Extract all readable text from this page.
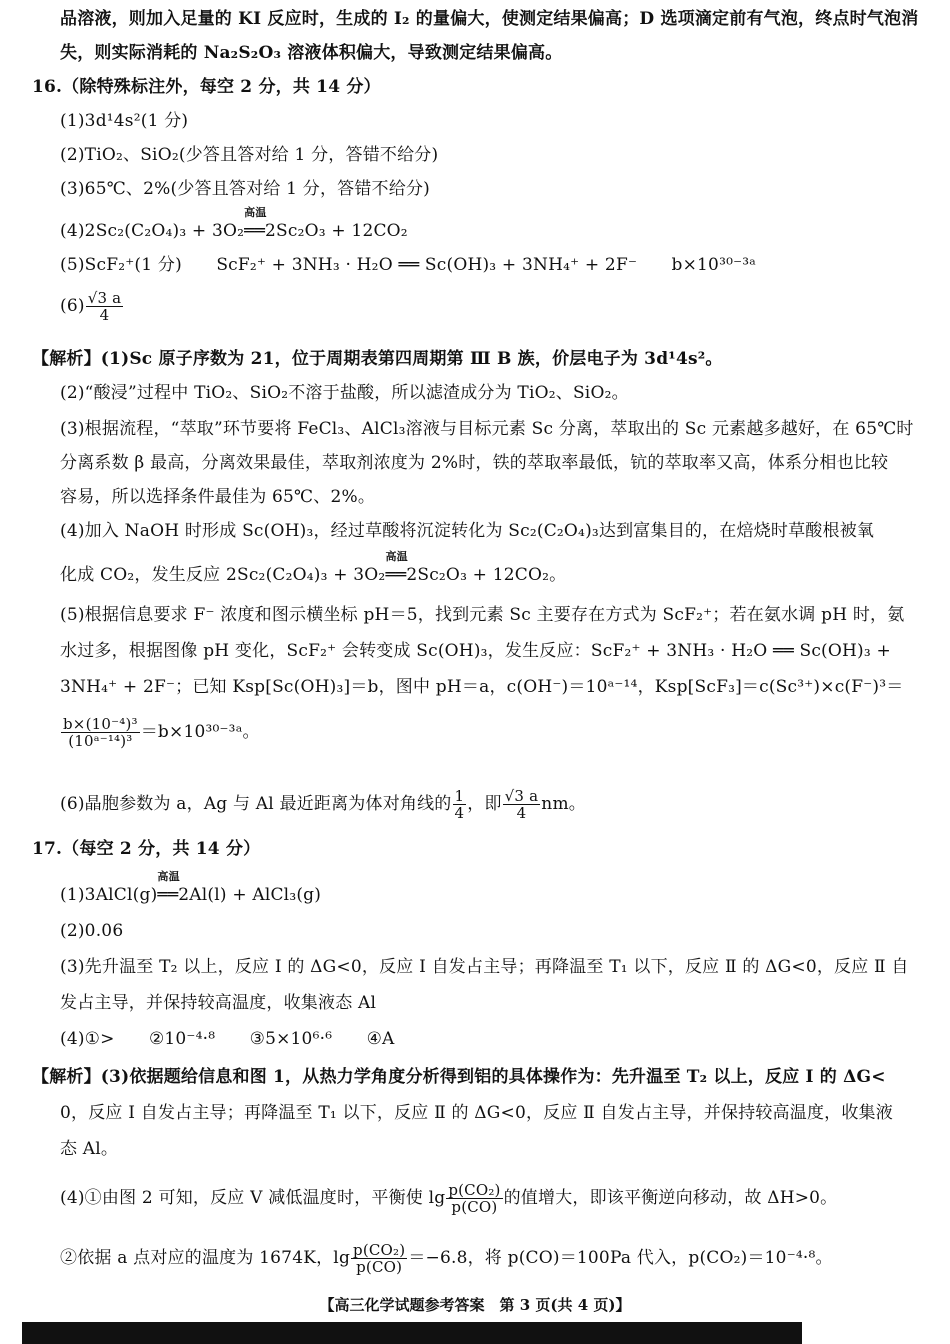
品溶液，则加入足量的 KI 反应时，生成的 I₂ 的量偏大，使测定结果偏高；D 选项滴定前有气泡，终点时气泡消
失，则实际消耗的 Na₂S₂O₃ 溶液体积偏大，导致测定结果偏高。
16.（除特殊标注外，每空 2 分，共 14 分）
(1)3d¹4s²(1 分)
(2)TiO₂、SiO₂(少答且答对给 1 分，答错不给分)
(3)65℃、2%(少答且答对给 1 分，答错不给分)
(4)2Sc₂(C₂O₄)₃ + 3O₂
高温
══2Sc₂O₃ + 12CO₂
(5)ScF₂⁺(1 分)　　ScF₂⁺ + 3NH₃ · H₂O ══ Sc(OH)₃ + 3NH₄⁺ + 2F⁻　　b×10³⁰⁻³ᵃ
$(6) \frac{√3 a}{4}$
【解析】(1)Sc 原子序数为 21，位于周期表第四周期第 Ⅲ B 族，价层电子为 3d¹4s²。
(2)“酸浸”过程中 TiO₂、SiO₂不溶于盐酸，所以滤渣成分为 TiO₂、SiO₂。
(3)根据流程，“萃取”环节要将 FeCl₃、AlCl₃溶液与目标元素 Sc 分离，萃取出的 Sc 元素越多越好，在 65℃时
分离系数 β 最高，分离效果最佳，萃取剂浓度为 2%时，铁的萃取率最低，钪的萃取率又高，体系分相也比较
容易，所以选择条件最佳为 65℃、2%。
(4)加入 NaOH 时形成 Sc(OH)₃，经过草酸将沉淀转化为 Sc₂(C₂O₄)₃达到富集目的，在焙烧时草酸根被氧
化成 CO₂，发生反应 2Sc₂(C₂O₄)₃ + 3O₂
高温
══2Sc₂O₃ + 12CO₂。
(5)根据信息要求 F⁻ 浓度和图示横坐标 pH＝5，找到元素 Sc 主要存在方式为 ScF₂⁺；若在氨水调 pH 时，氨
水过多，根据图像 pH 变化，ScF₂⁺ 会转变成 Sc(OH)₃，发生反应：ScF₂⁺ + 3NH₃ · H₂O ══ Sc(OH)₃ +
3NH₄⁺ + 2F⁻；已知 Ksp[Sc(OH)₃]＝b，图中 pH＝a，c(OH⁻)＝10ᵃ⁻¹⁴，Ksp[ScF₃]＝c(Sc³⁺)×c(F⁻)³＝
$\frac{\text{b×(10⁻⁴)³}}{\text{(10ᵃ⁻¹⁴)³}}$ ＝b×10³⁰⁻³ᵃ。
(6)晶胞参数为 a，Ag 与 Al 最近距离为体对角线的 $\frac{1}{4}$ ，即 $\frac{√3 a}{4}$ nm。
17.（每空 2 分，共 14 分）
(1)3AlCl(g)
高温
══2Al(l) + AlCl₃(g)
(2)0.06
(3)先升温至 T₂ 以上，反应 Ⅰ 的 ΔG<0，反应 Ⅰ 自发占主导；再降温至 T₁ 以下，反应 Ⅱ 的 ΔG<0，反应 Ⅱ 自
发占主导，并保持较高温度，收集液态 Al
(4)①>　　②10⁻⁴·⁸　　③5×10⁶·⁶　　④A
【解析】(3)依据题给信息和图 1，从热力学角度分析得到铝的具体操作为：先升温至 T₂ 以上，反应 Ⅰ 的 ΔG<
0，反应 Ⅰ 自发占主导；再降温至 T₁ 以下，反应 Ⅱ 的 ΔG<0，反应 Ⅱ 自发占主导，并保持较高温度，收集液
态 Al。
(4)①由图 2 可知，反应 Ⅴ 减低温度时，平衡使 $\lg \frac{\text{p(CO₂)}}{p(CO)}$ 的值增大，即该平衡逆向移动，故 ΔH>0。
②依据 a 点对应的温度为 1674K，$\lg \frac{\text{p(CO₂)}}{p(CO)} =-6.8$，将 p(CO)＝100Pa 代入，p(CO₂)＝10⁻⁴·⁸。
【高三化学试题参考答案　第 3 页(共 4 页)】
